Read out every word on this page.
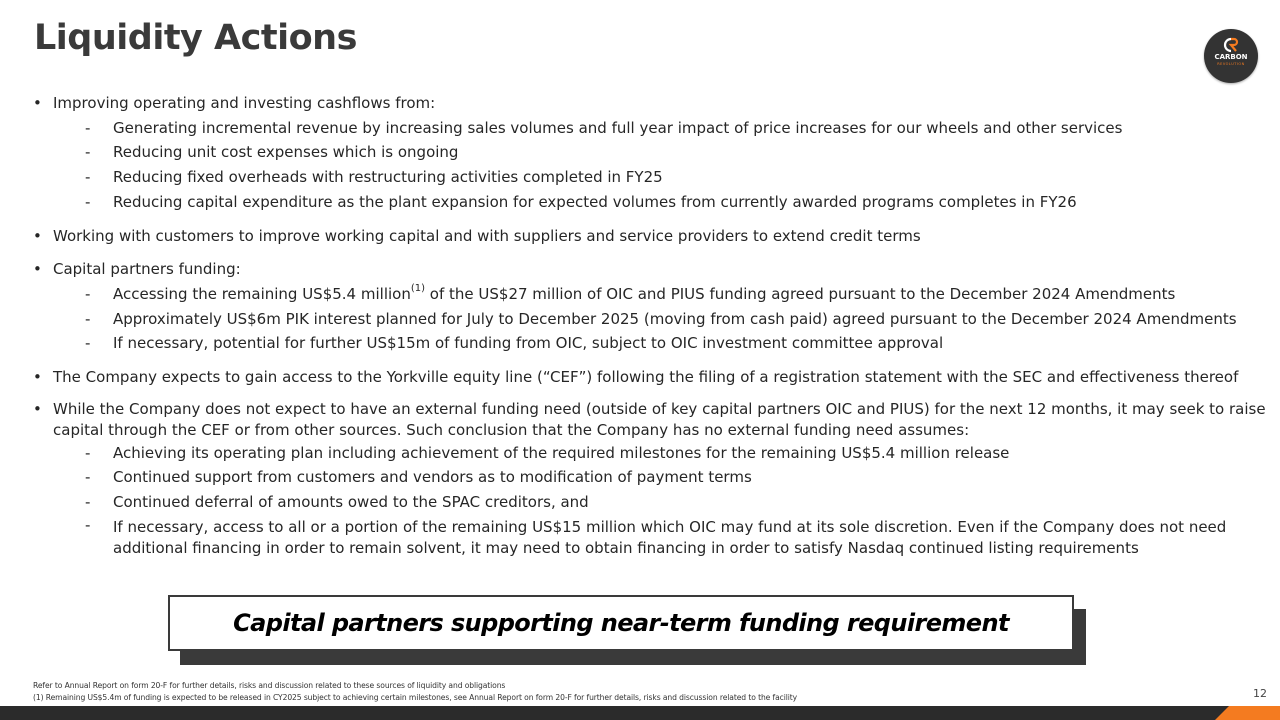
Liquidity Actions	CARBON
REVOLUTION
• Improving operating and investing cashflows from:
- Generating incremental revenue by increasing sales volumes and full year impact of price increases for our wheels and other services
- Reducing unit cost expenses which is ongoing
- Reducing fixed overheads with restructuring activities completed in FY25
- Reducing capital expenditure as the plant expansion for expected volumes from currently awarded programs completes in FY26
• Working with customers to improve working capital and with suppliers and service providers to extend credit terms
• Capital partners funding:
- Accessing the remaining US$5.4 million$^{(1)}$ of the US$27 million of OIC and PIUS funding agreed pursuant to the December 2024 Amendments
- Approximately US$6m PIK interest planned for July to December 2025 (moving from cash paid) agreed pursuant to the December 2024 Amendments
- If necessary, potential for further US$15m of funding from OIC, subject to OIC investment committee approval
• The Company expects to gain access to the Yorkville equity line (“CEF”) following the filing of a registration statement with the SEC and effectiveness thereof
• While the Company does not expect to have an external funding need (outside of key capital partners OIC and PIUS) for the next 12 months, it may seek to raise capital through the CEF or from other sources. Such conclusion that the Company has no external funding need assumes:
- Achieving its operating plan including achievement of the required milestones for the remaining US$5.4 million release
- Continued support from customers and vendors as to modification of payment terms
- Continued deferral of amounts owed to the SPAC creditors, and
- If necessary, access to all or a portion of the remaining US$15 million which OIC may fund at its sole discretion. Even if the Company does not need additional financing in order to remain solvent, it may need to obtain financing in order to satisfy Nasdaq continued listing requirements
Capital partners supporting near-term funding requirement
Refer to Annual Report on form 20-F for further details, risks and discussion related to these sources of liquidity and obligations
(1) Remaining US$5.4m of funding is expected to be released in CY2025 subject to achieving certain milestones, see Annual Report on form 20-F for further details, risks and discussion related to the facility	12
